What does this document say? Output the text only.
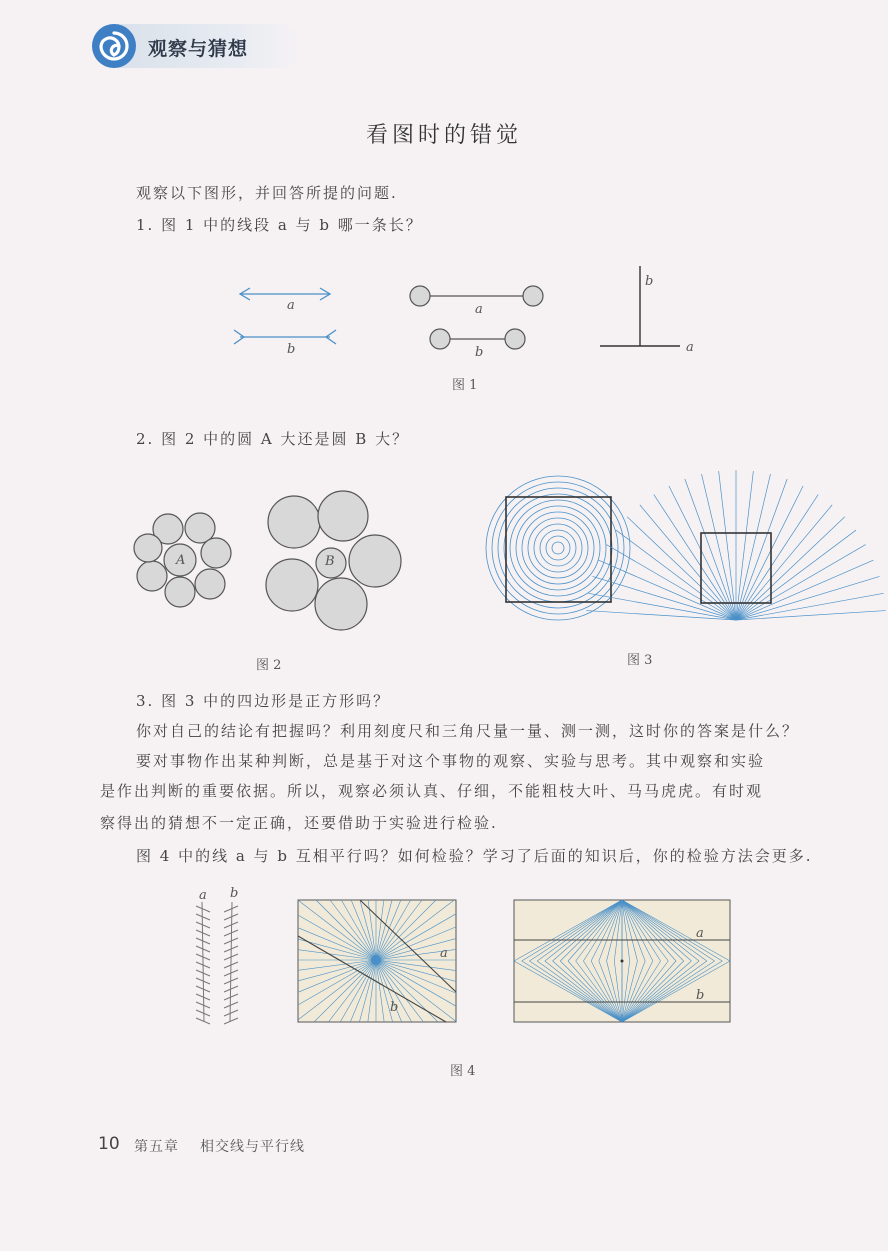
观察与猜想
看图时的错觉
观察以下图形，并回答所提的问题.
1. 图 1 中的线段 a 与 b 哪一条长？
a
b
a
b
b
a
图 1
2. 图 2 中的圆 A 大还是圆 B 大？
A	B
图 2	图 3
3. 图 3 中的四边形是正方形吗？
你对自己的结论有把握吗？利用刻度尺和三角尺量一量、测一测，这时你的答案是什么？
要对事物作出某种判断，总是基于对这个事物的观察、实验与思考。其中观察和实验
是作出判断的重要依据。所以，观察必须认真、仔细，不能粗枝大叶、马马虎虎。有时观
察得出的猜想不一定正确，还要借助于实验进行检验.
图 4 中的线 a 与 b 互相平行吗？如何检验？学习了后面的知识后，你的检验方法会更多.
a b
a
b
a
b
图 4
10 第五章 相交线与平行线
